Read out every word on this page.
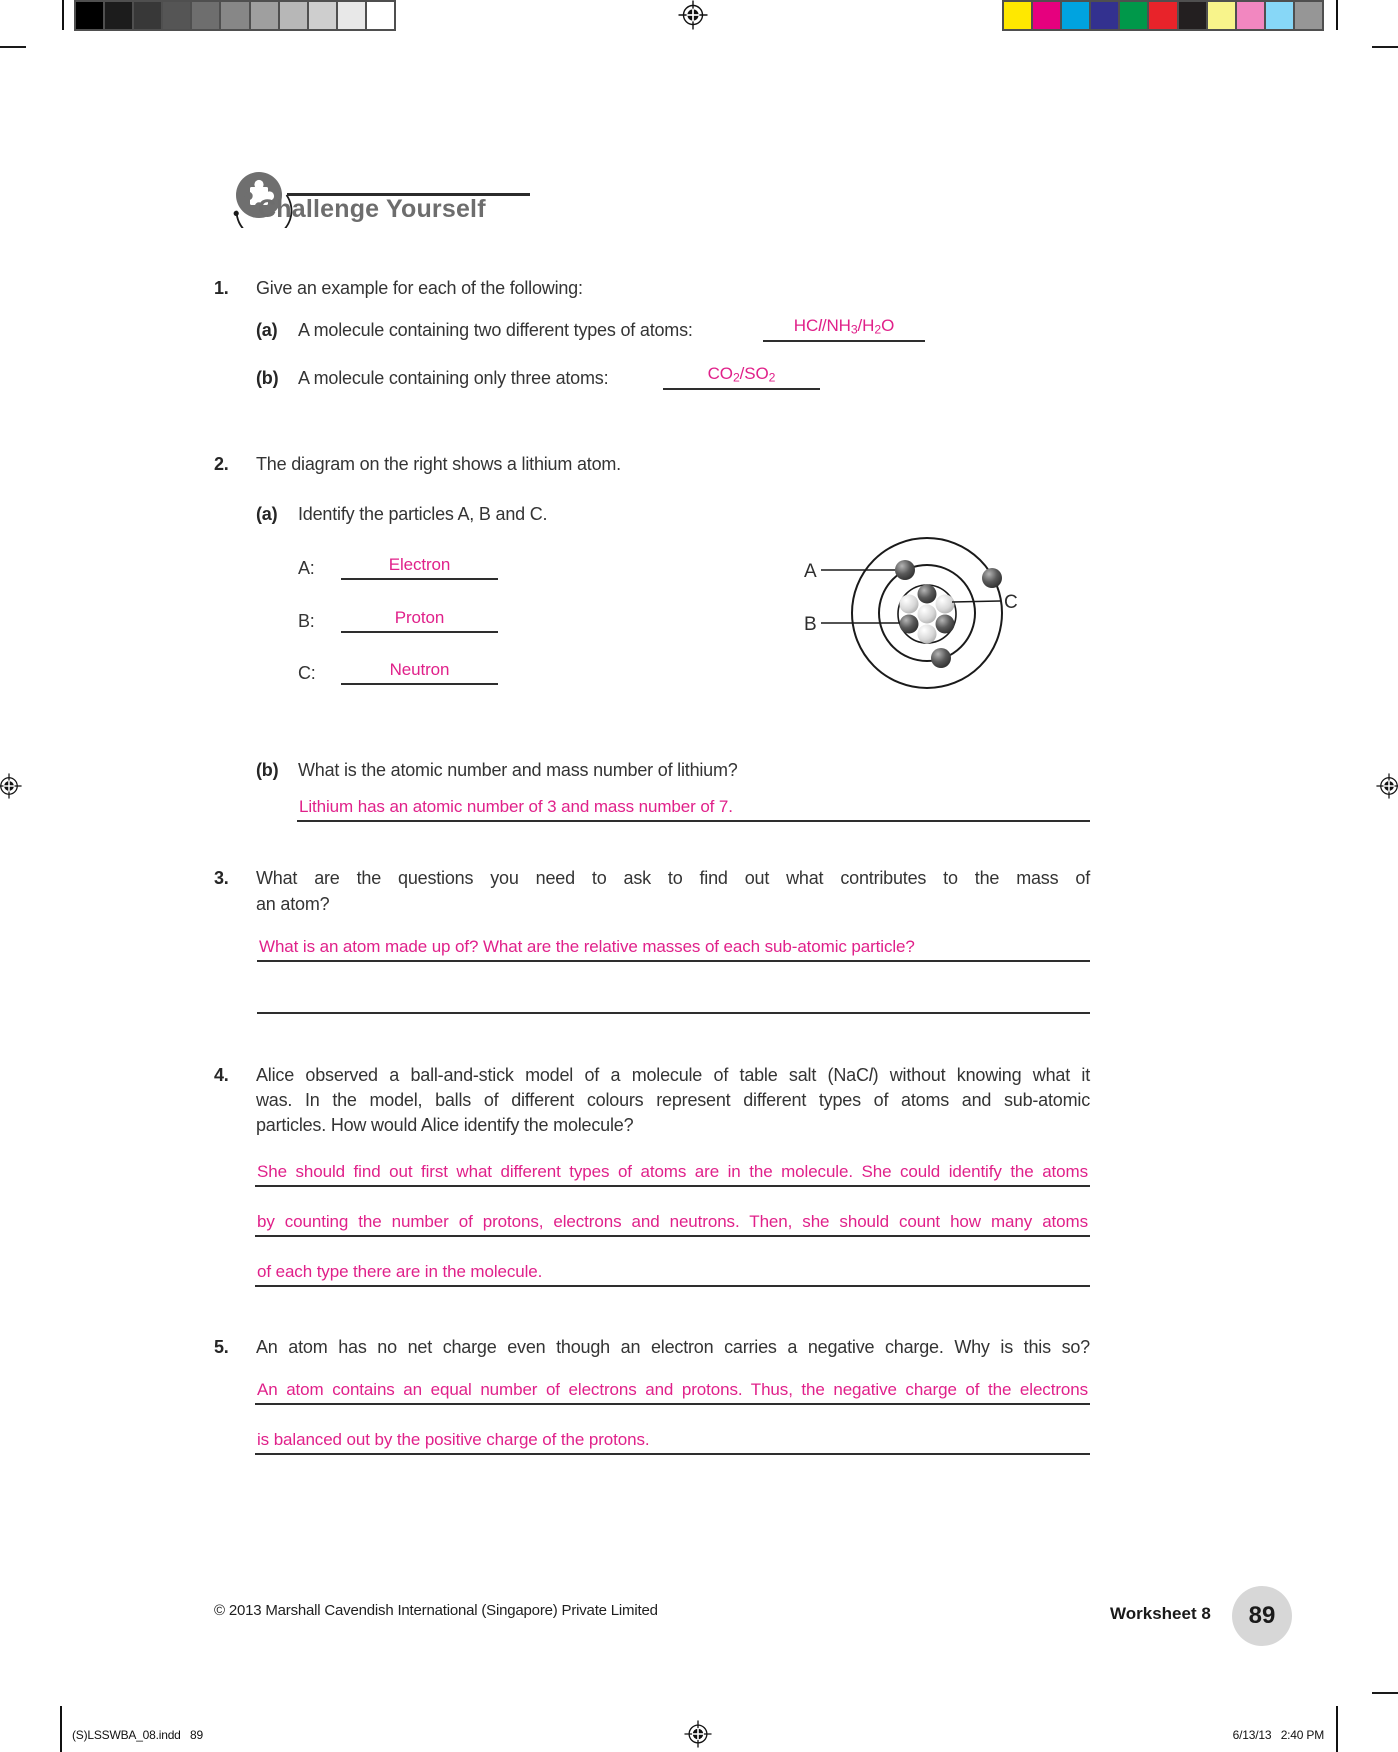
Challenge Yourself
1. Give an example for each of the following:
(a) A molecule containing two different types of atoms:	HCl/NH3/H2O
(b) A molecule containing only three atoms:	CO2/SO2
2. The diagram on the right shows a lithium atom.
(a) Identify the particles A, B and C.
A:	Electron
B:	Proton
C:	Neutron
A
B
C
(b) What is the atomic number and mass number of lithium?
Lithium has an atomic number of 3 and mass number of 7.
3. What are the questions you need to ask to find out what contributes to the mass of
an atom?
What is an atom made up of? What are the relative masses of each sub-atomic particle?
4. Alice observed a ball-and-stick model of a molecule of table salt (NaCl) without knowing what it
was. In the model, balls of different colours represent different types of atoms and sub-atomic
particles. How would Alice identify the molecule?
She should find out first what different types of atoms are in the molecule. She could identify the atoms
by counting the number of protons, electrons and neutrons. Then, she should count how many atoms
of each type there are in the molecule.
5. An atom has no net charge even though an electron carries a negative charge. Why is this so?
An atom contains an equal number of electrons and protons. Thus, the negative charge of the electrons
is balanced out by the positive charge of the protons.
© 2013 Marshall Cavendish International (Singapore) Private Limited	Worksheet 8 89
(S)LSSWBA_08.indd   89	6/13/13   2:40 PM
